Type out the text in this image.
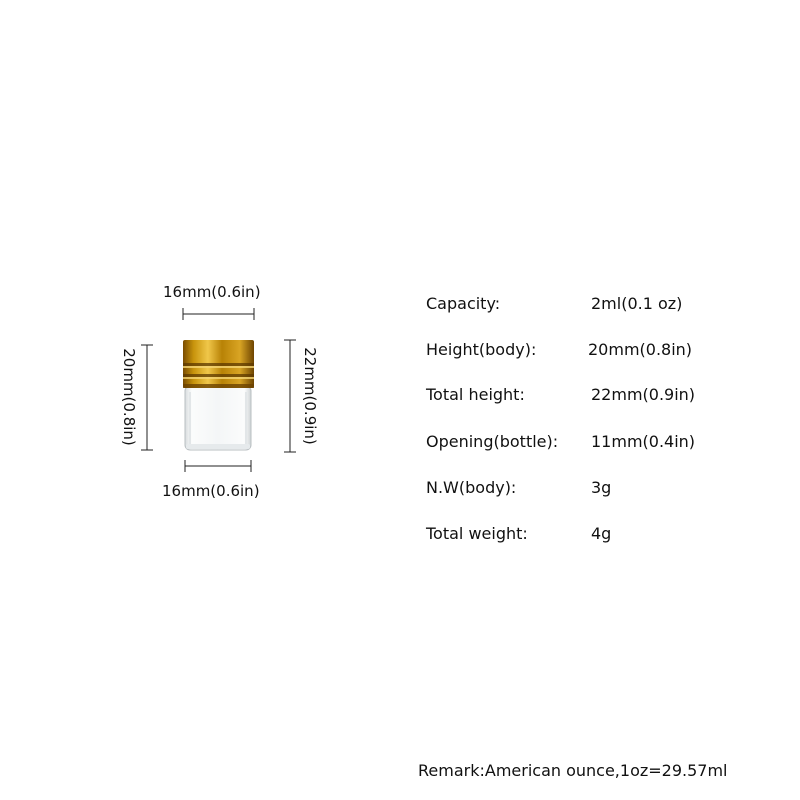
16mm(0.6in)
16mm(0.6in)
20mm(0.8in)	22mm(0.9in)
Capacity:	2ml(0.1 oz)
Height(body):	20mm(0.8in)
Total height:	22mm(0.9in)
Opening(bottle): 11mm(0.4in)
N.W(body):	3g
Total weight:	4g
Remark:American ounce,1oz=29.57ml
